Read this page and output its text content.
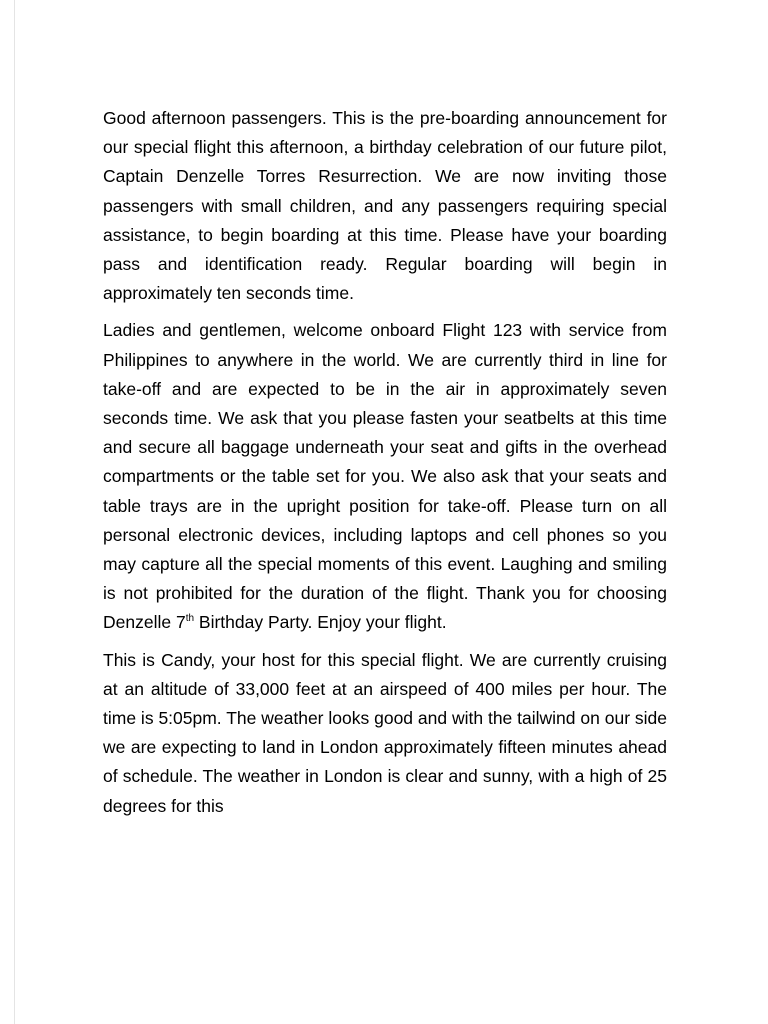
Good afternoon passengers. This is the pre-boarding announcement for our special flight this afternoon, a birthday celebration of our future pilot, Captain Denzelle Torres Resurrection. We are now inviting those passengers with small children, and any passengers requiring special assistance, to begin boarding at this time. Please have your boarding pass and identification ready. Regular boarding will begin in approximately ten seconds time.

Ladies and gentlemen, welcome onboard Flight 123 with service from Philippines to anywhere in the world. We are currently third in line for take-off and are expected to be in the air in approximately seven seconds time. We ask that you please fasten your seatbelts at this time and secure all baggage underneath your seat and gifts in the overhead compartments or the table set for you. We also ask that your seats and table trays are in the upright position for take-off. Please turn on all personal electronic devices, including laptops and cell phones so you may capture all the special moments of this event. Laughing and smiling is not prohibited for the duration of the flight. Thank you for choosing Denzelle 7th Birthday Party. Enjoy your flight.

This is Candy, your host for this special flight. We are currently cruising at an altitude of 33,000 feet at an airspeed of 400 miles per hour. The time is 5:05pm. The weather looks good and with the tailwind on our side we are expecting to land in London approximately fifteen minutes ahead of schedule. The weather in London is clear and sunny, with a high of 25 degrees for this
